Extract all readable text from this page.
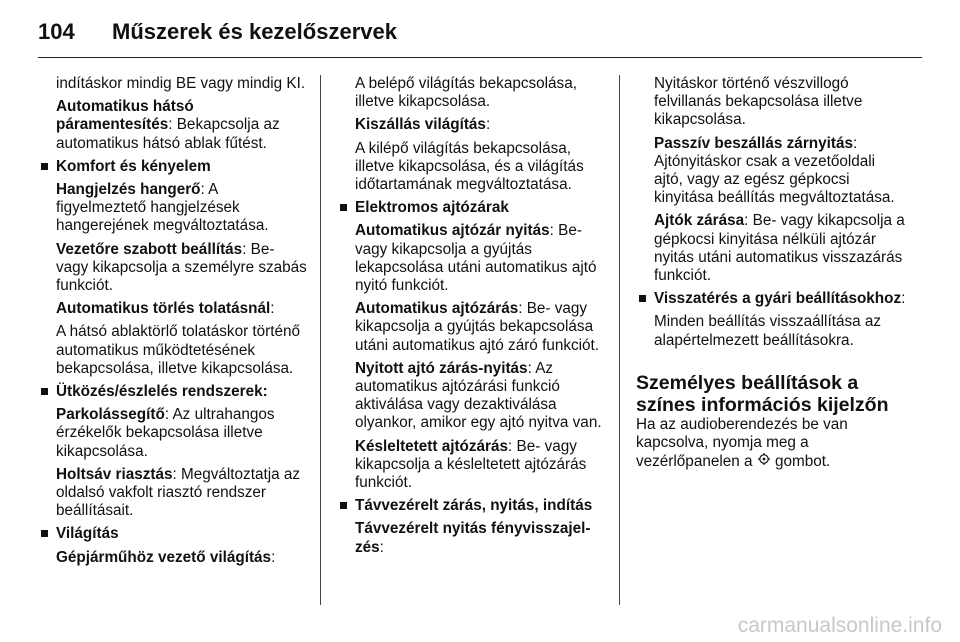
104	Műszerek és kezelőszervek

indításkor mindig BE vagy mindig KI.

Automatikus hátsó páramentesítés: Bekapcsolja az automatikus hátsó ablak fűtést.

Komfort és kényelem

Hangjelzés hangerő: A figyelmeztető hangjelzések hangerejének megváltoztatása.

Vezetőre szabott beállítás: Be- vagy kikapcsolja a személyre szabás funkciót.

Automatikus törlés tolatásnál:

A hátsó ablaktörlő tolatáskor történő automatikus működtetésének bekapcsolása, illetve kikapcsolása.

Ütközés/észlelés rendszerek:

Parkolássegítő: Az ultrahangos érzékelők bekapcsolása illetve kikapcsolása.

Holtsáv riasztás: Megváltoztatja az oldalsó vakfolt riasztó rendszer beállításait.

Világítás

Gépjárműhöz vezető világítás:

A belépő világítás bekapcsolása, illetve kikapcsolása.

Kiszállás világítás:

A kilépő világítás bekapcsolása, illetve kikapcsolása, és a világítás időtartamának megváltoztatása.

Elektromos ajtózárak

Automatikus ajtózár nyitás: Be- vagy kikapcsolja a gyújtás lekapcsolása utáni automatikus ajtó nyitó funkciót.

Automatikus ajtózárás: Be- vagy kikapcsolja a gyújtás bekapcsolása utáni automatikus ajtó záró funkciót.

Nyitott ajtó zárás-nyitás: Az automatikus ajtózárási funkció aktiválása vagy dezaktiválása olyankor, amikor egy ajtó nyitva van.

Késleltetett ajtózárás: Be- vagy kikapcsolja a késleltetett ajtózárás funkciót.

Távvezérelt zárás, nyitás, indítás

Távvezérelt nyitás fényvisszajel-zés:

Nyitáskor történő vészvillogó felvillanás bekapcsolása illetve kikapcsolása.

Passzív beszállás zárnyitás: Ajtónyitáskor csak a vezetőoldali ajtó, vagy az egész gépkocsi kinyitása beállítás megváltoztatása.

Ajtók zárása: Be- vagy kikapcsolja a gépkocsi kinyitása nélküli ajtózár nyitás utáni automatikus visszazárás funkciót.

Visszatérés a gyári beállításokhoz:

Minden beállítás visszaállítása az alapértelmezett beállításokra.

Személyes beállítások a színes információs kijelzőn

Ha az audioberendezés be van kapcsolva, nyomja meg a vezérlőpanelen a gombot.

carmanualsonline.info
